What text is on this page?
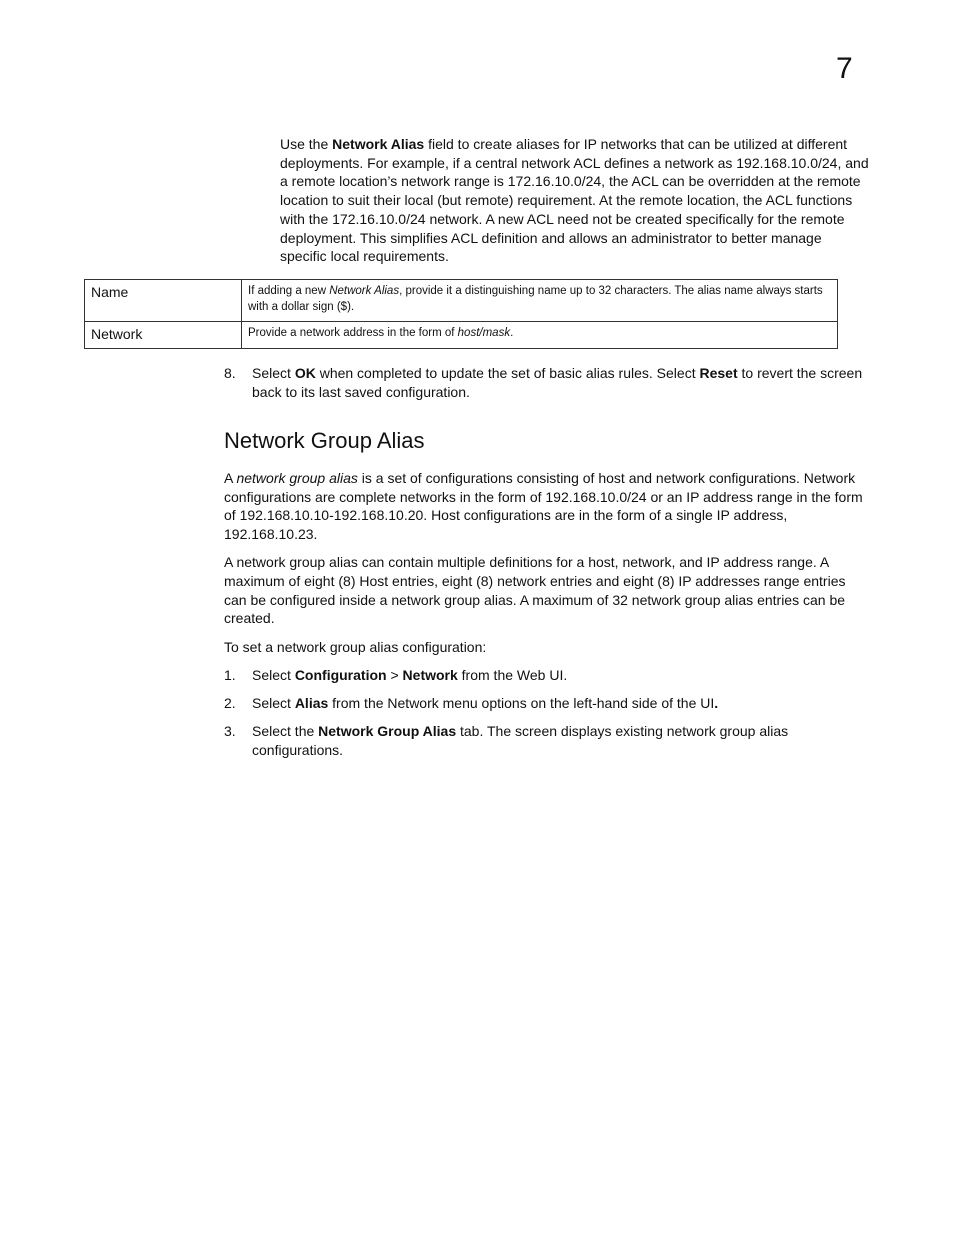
7

Use the Network Alias field to create aliases for IP networks that can be utilized at different deployments. For example, if a central network ACL defines a network as 192.168.10.0/24, and a remote location’s network range is 172.16.10.0/24, the ACL can be overridden at the remote location to suit their local (but remote) requirement. At the remote location, the ACL functions with the 172.16.10.0/24 network. A new ACL need not be created specifically for the remote deployment. This simplifies ACL definition and allows an administrator to better manage specific local requirements.

Name	If adding a new Network Alias, provide it a distinguishing name up to 32 characters. The alias name always starts with a dollar sign ($).
Network	Provide a network address in the form of host/mask.
8.	Select OK when completed to update the set of basic alias rules. Select Reset to revert the screen back to its last saved configuration.
Network Group Alias

A network group alias is a set of configurations consisting of host and network configurations. Network configurations are complete networks in the form of 192.168.10.0/24 or an IP address range in the form of 192.168.10.10-192.168.10.20. Host configurations are in the form of a single IP address, 192.168.10.23.

A network group alias can contain multiple definitions for a host, network, and IP address range. A maximum of eight (8) Host entries, eight (8) network entries and eight (8) IP addresses range entries can be configured inside a network group alias. A maximum of 32 network group alias entries can be created.

To set a network group alias configuration:

1.	Select Configuration > Network from the Web UI.
2.	Select Alias from the Network menu options on the left-hand side of the UI.
3.	Select the Network Group Alias tab. The screen displays existing network group alias configurations.
